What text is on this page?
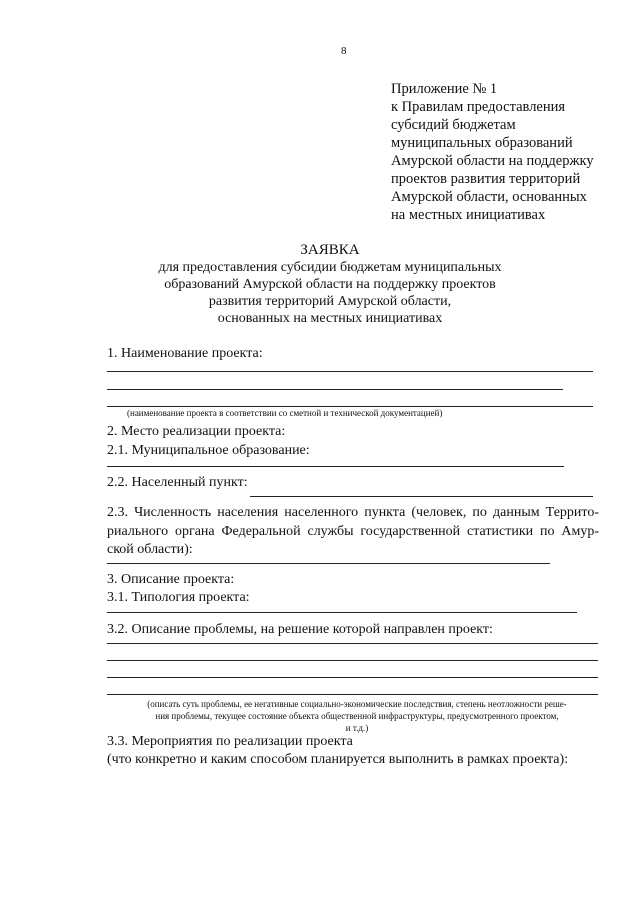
8
Приложение № 1
к Правилам предоставления
субсидий бюджетам
муниципальных образований
Амурской области на поддержку
проектов развития территорий
Амурской области, основанных
на местных инициативах
ЗАЯВКА
для предоставления субсидии бюджетам муниципальных
образований Амурской области на поддержку проектов
развития территорий Амурской области,
основанных на местных инициативах
1. Наименование проекта:
(наименование проекта в соответствии со сметной и технической документацией)
2. Место реализации проекта:
2.1. Муниципальное образование:
2.2. Населенный пункт:
2.3. Численность населения населенного пункта (человек, по данным Террито-
риального органа Федеральной службы государственной статистики по Амур-
ской области):
3. Описание проекта:
3.1. Типология проекта:
3.2. Описание проблемы, на решение которой направлен проект:
(описать суть проблемы, ее негативные социально-экономические последствия, степень неотложности реше-
ния проблемы, текущее состояние объекта общественной инфраструктуры, предусмотренного проектом,
и т.д.)
3.3. Мероприятия по реализации проекта
(что конкретно и каким способом планируется выполнить в рамках проекта):
